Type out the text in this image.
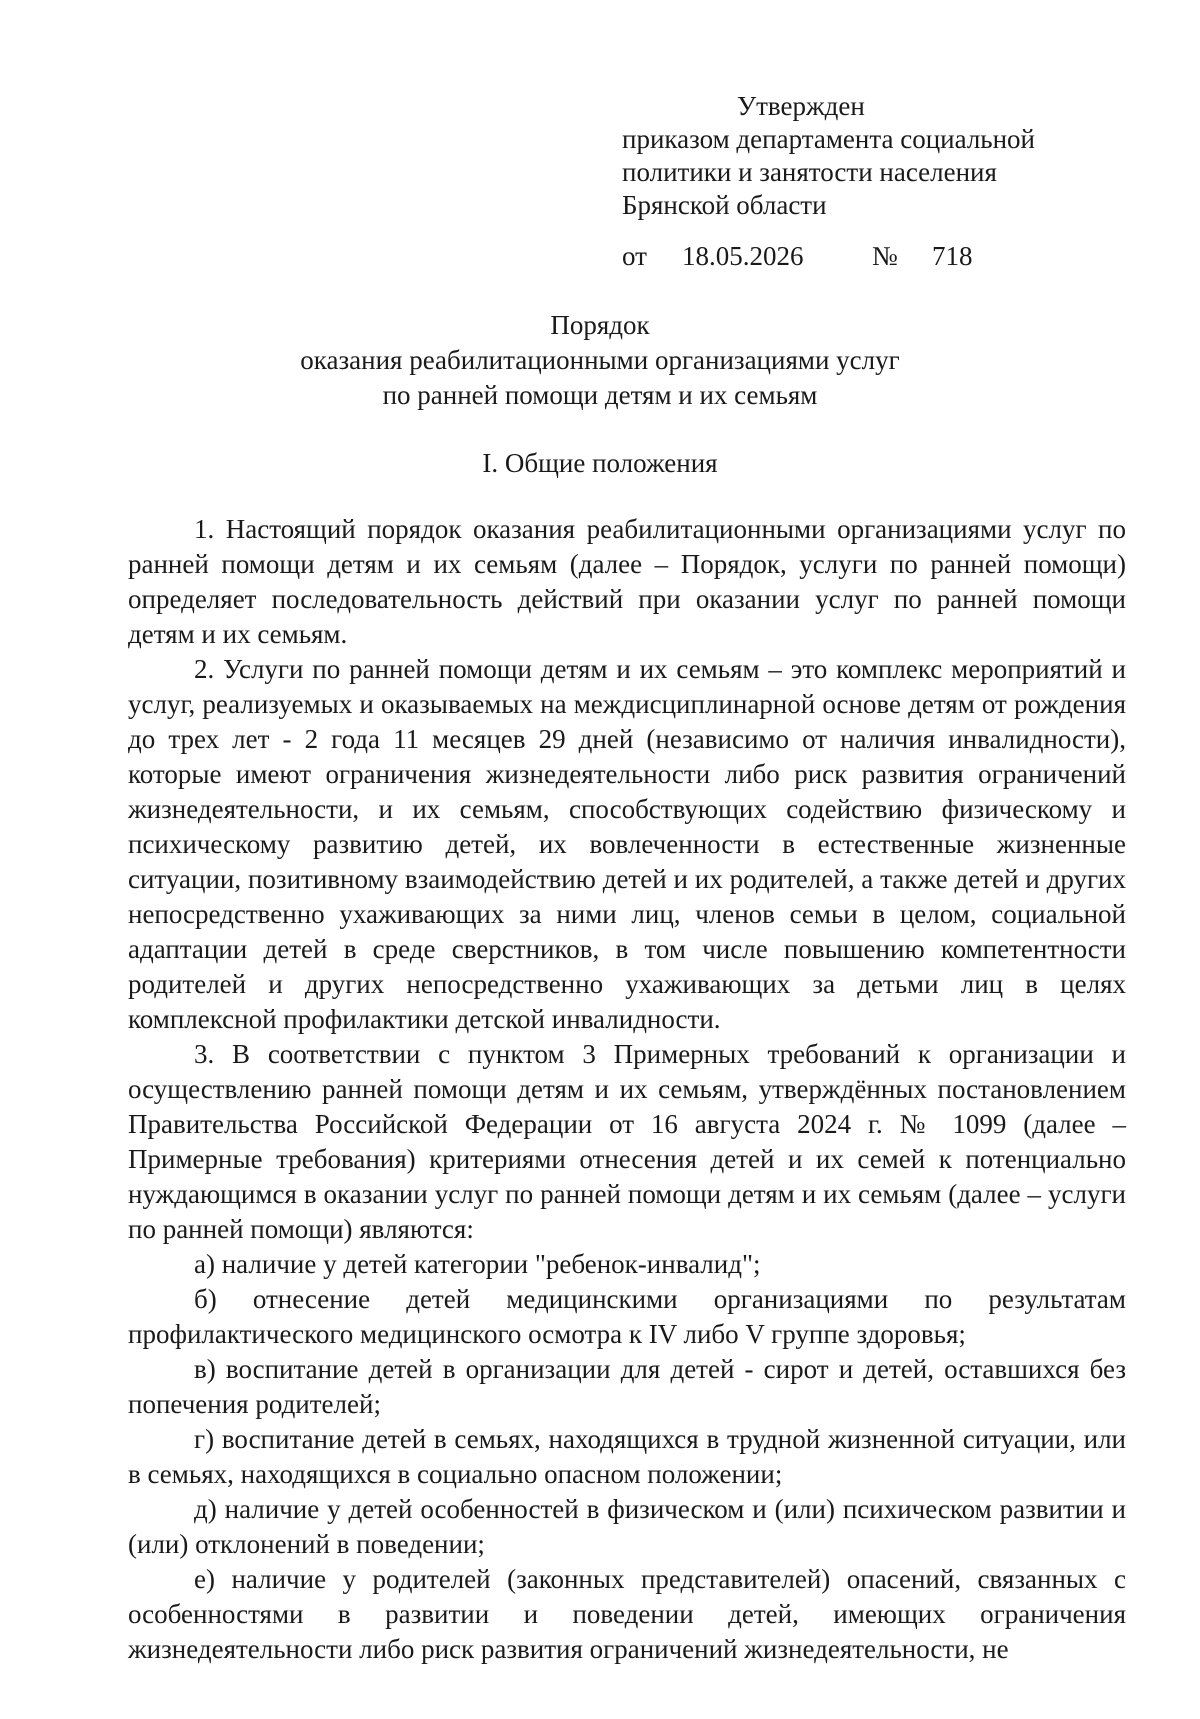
Утвержден
приказом департамента социальной
политики и занятости населения
Брянской области
от 18.05.2026	№ 718
Порядок
оказания реабилитационными организациями услуг
по ранней помощи детям и их семьям
I. Общие положения

1. Настоящий порядок оказания реабилитационными организациями услуг по ранней помощи детям и их семьям (далее – Порядок, услуги по ранней помощи) определяет последовательность действий при оказании услуг по ранней помощи детям и их семьям.

2. Услуги по ранней помощи детям и их семьям – это комплекс мероприятий и услуг, реализуемых и оказываемых на междисциплинарной основе детям от рождения до трех лет - 2 года 11 месяцев 29 дней (независимо от наличия инвалидности), которые имеют ограничения жизнедеятельности либо риск развития ограничений жизнедеятельности, и их семьям, способствующих содействию физическому и психическому развитию детей, их вовлеченности в естественные жизненные ситуации, позитивному взаимодействию детей и их родителей, а также детей и других непосредственно ухаживающих за ними лиц, членов семьи в целом, социальной адаптации детей в среде сверстников, в том числе повышению компетентности родителей и других непосредственно ухаживающих за детьми лиц в целях комплексной профилактики детской инвалидности.

3. В соответствии с пунктом 3 Примерных требований к организации и осуществлению ранней помощи детям и их семьям, утверждённых постановлением Правительства Российской Федерации от 16 августа 2024 г. № 1099 (далее – Примерные требования) критериями отнесения детей и их семей к потенциально нуждающимся в оказании услуг по ранней помощи детям и их семьям (далее – услуги по ранней помощи) являются:

а) наличие у детей категории "ребенок-инвалид";

б) отнесение детей медицинскими организациями по результатам профилактического медицинского осмотра к IV либо V группе здоровья;

в) воспитание детей в организации для детей - сирот и детей, оставшихся без попечения родителей;

г) воспитание детей в семьях, находящихся в трудной жизненной ситуации, или в семьях, находящихся в социально опасном положении;

д) наличие у детей особенностей в физическом и (или) психическом развитии и (или) отклонений в поведении;

е) наличие у родителей (законных представителей) опасений, связанных с особенностями в развитии и поведении детей, имеющих ограничения жизнедеятельности либо риск развития ограничений жизнедеятельности, не
